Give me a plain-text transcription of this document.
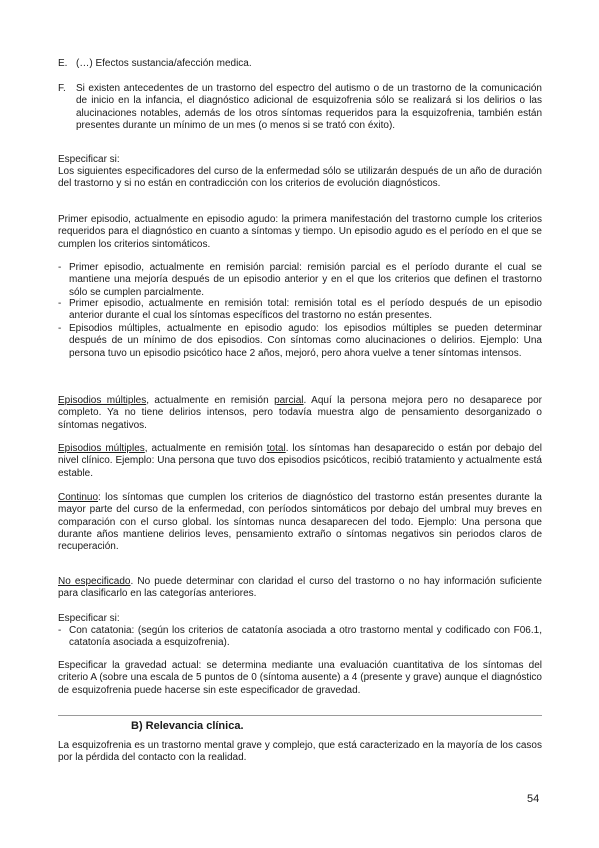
E. (…) Efectos sustancia/afección medica.

F. Si existen antecedentes de un trastorno del espectro del autismo o de un trastorno de la comunicación de inicio en la infancia, el diagnóstico adicional de esquizofrenia sólo se realizará si los delirios o las alucinaciones notables, además de los otros síntomas requeridos para la esquizofrenia, también están presentes durante un mínimo de un mes (o menos si se trató con éxito).

Especificar si:

Los siguientes especificadores del curso de la enfermedad sólo se utilizarán después de un año de duración del trastorno y si no están en contradicción con los criterios de evolución diagnósticos.

Primer episodio, actualmente en episodio agudo: la primera manifestación del trastorno cumple los criterios requeridos para el diagnóstico en cuanto a síntomas y tiempo. Un episodio agudo es el período en el que se cumplen los criterios sintomáticos.

- Primer episodio, actualmente en remisión parcial: remisión parcial es el período durante el cual se mantiene una mejoría después de un episodio anterior y en el que los criterios que definen el trastorno sólo se cumplen parcialmente.

- Primer episodio, actualmente en remisión total: remisión total es el período después de un episodio anterior durante el cual los síntomas específicos del trastorno no están presentes.

- Episodios múltiples, actualmente en episodio agudo: los episodios múltiples se pueden determinar después de un mínimo de dos episodios. Con síntomas como alucinaciones o delirios. Ejemplo: Una persona tuvo un episodio psicótico hace 2 años, mejoró, pero ahora vuelve a tener síntomas intensos.

Episodios múltiples, actualmente en remisión parcial. Aquí la persona mejora pero no desaparece por completo. Ya no tiene delirios intensos, pero todavía muestra algo de pensamiento desorganizado o síntomas negativos.

Episodios múltiples, actualmente en remisión total. los síntomas han desaparecido o están por debajo del nivel clínico. Ejemplo: Una persona que tuvo dos episodios psicóticos, recibió tratamiento y actualmente está estable.

Continuo: los síntomas que cumplen los criterios de diagnóstico del trastorno están presentes durante la mayor parte del curso de la enfermedad, con períodos sintomáticos por debajo del umbral muy breves en comparación con el curso global. los síntomas nunca desaparecen del todo. Ejemplo: Una persona que durante años mantiene delirios leves, pensamiento extraño o síntomas negativos sin periodos claros de recuperación.

No especificado. No puede determinar con claridad el curso del trastorno o no hay información suficiente para clasificarlo en las categorías anteriores.

Especificar si:

- Con catatonia: (según los criterios de catatonía asociada a otro trastorno mental y codificado con F06.1, catatonía asociada a esquizofrenia).

Especificar la gravedad actual: se determina mediante una evaluación cuantitativa de los síntomas del criterio A (sobre una escala de 5 puntos de 0 (síntoma ausente) a 4 (presente y grave) aunque el diagnóstico de esquizofrenia puede hacerse sin este especificador de gravedad.

B) Relevancia clínica.

La esquizofrenia es un trastorno mental grave y complejo, que está caracterizado en la mayoría de los casos por la pérdida del contacto con la realidad.

54
